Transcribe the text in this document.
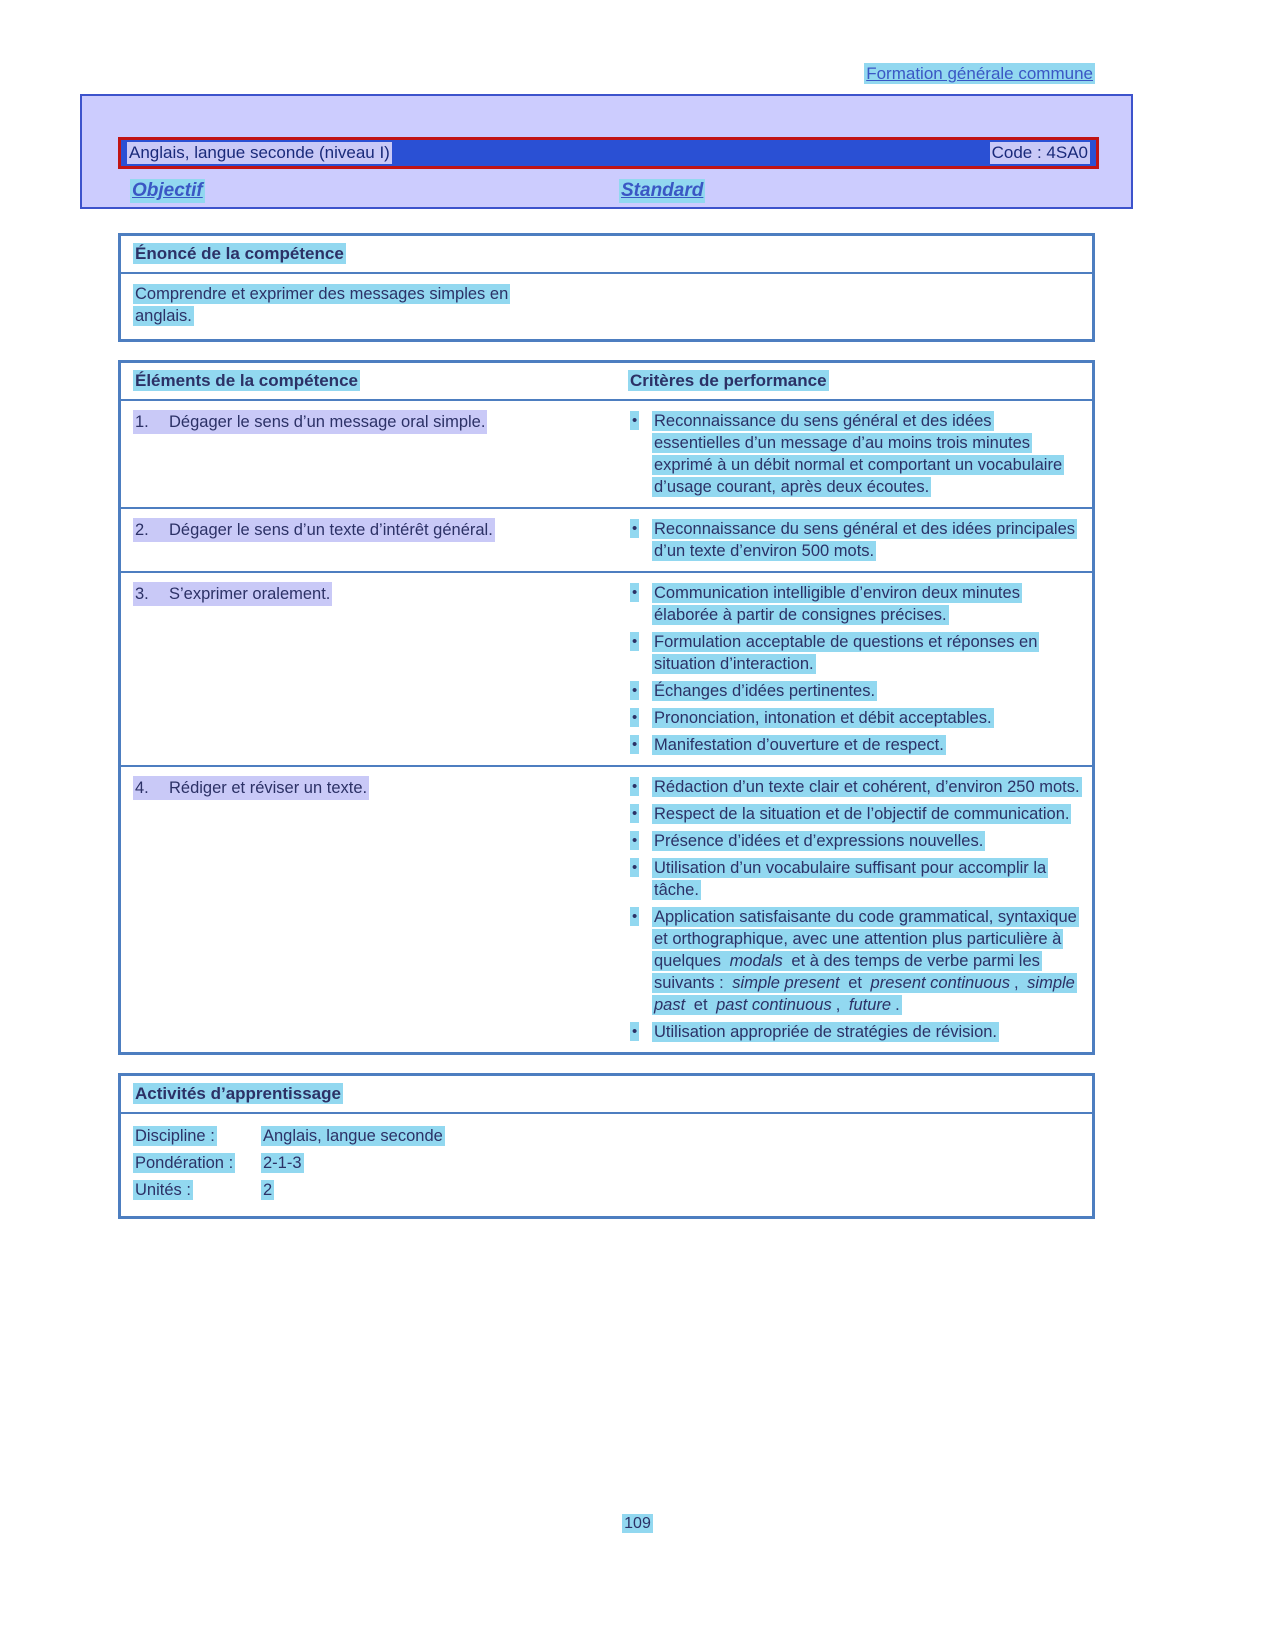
Formation générale commune
Anglais, langue seconde (niveau I)	Code : 4SA0
Objectif	Standard
Énoncé de la compétence
Comprendre et exprimer des messages simples en
anglais.
Éléments de la compétence	Critères de performance
1.	Dégager le sens d’un message oral simple.	•	Reconnaissance du sens général et des idées essentielles d’un message d’au moins trois minutes exprimé à un débit normal et comportant un vocabulaire d’usage courant, après deux écoutes.

2.	Dégager le sens d’un texte d’intérêt général.	•	Reconnaissance du sens général et des idées principales d’un texte d’environ 500 mots.

3.	S’exprimer oralement.	•	Communication intelligible d’environ deux minutes élaborée à partir de consignes précises.

•	Formulation acceptable de questions et réponses en situation d’interaction.

•	Échanges d’idées pertinentes.

•	Prononciation, intonation et débit acceptables.

•	Manifestation d’ouverture et de respect.

4.	Rédiger et réviser un texte.	•	Rédaction d’un texte clair et cohérent, d’environ 250 mots.

•	Respect de la situation et de l’objectif de communication.

•	Présence d’idées et d’expressions nouvelles.

•	Utilisation d’un vocabulaire suffisant pour accomplir la tâche.

•	Application satisfaisante du code grammatical, syntaxique et orthographique, avec une attention plus particulière à quelques modals et à des temps de verbe parmi les suivants : simple present et present continuous , simple past et past continuous , future .

•	Utilisation appropriée de stratégies de révision.

Activités d’apprentissage
Discipline :	Anglais, langue seconde
Pondération :	2-1-3
Unités :	2
109
